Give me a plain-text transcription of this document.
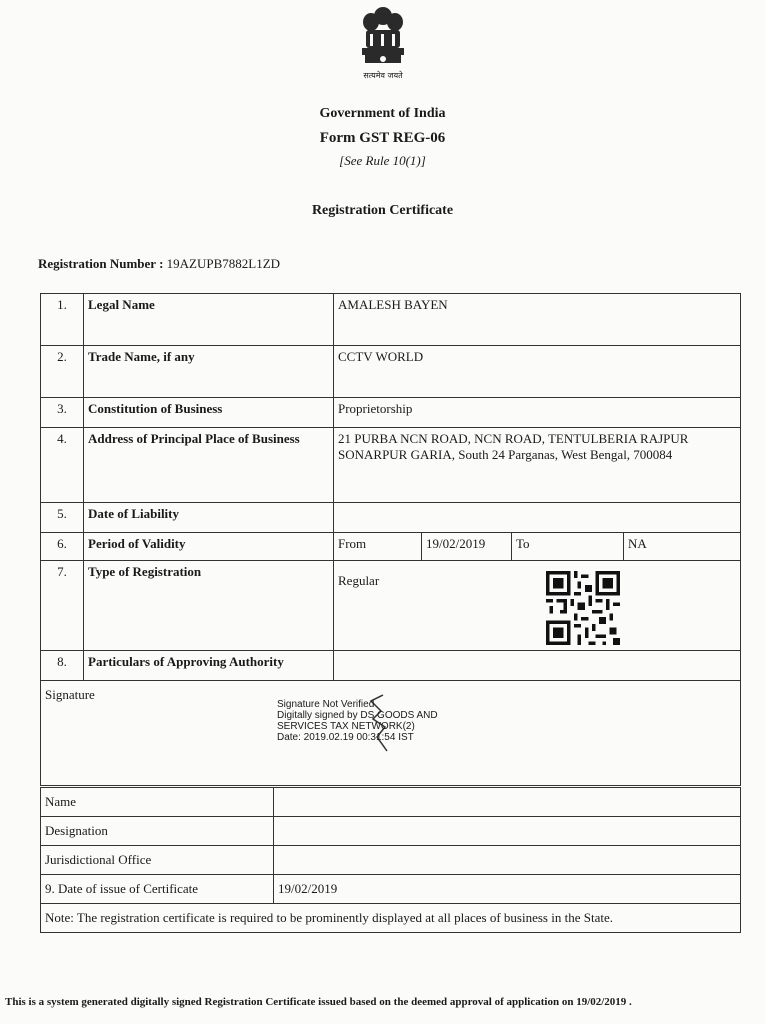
सत्यमेव जयते
Government of India
Form GST REG-06
[See Rule 10(1)]
Registration Certificate
Registration Number : 19AZUPB7882L1ZD
1.	Legal Name	AMALESH BAYEN			
2.	Trade Name, if any	CCTV WORLD			
3.	Constitution of Business	Proprietorship			
4.	Address of Principal Place of Business	21 PURBA NCN ROAD, NCN ROAD, TENTULBERIA RAJPUR SONARPUR GARIA, South 24 Parganas, West Bengal, 700084			
5.	Date of Liability				
6.	Period of Validity	From	19/02/2019	To	NA
7.	Type of Registration	Regular			

8.	Particulars of Approving Authority				

Signature
Signature Not Verified
Digitally signed by DS GOODS AND
SERVICES TAX NETWORK(2)
Date: 2019.02.19 00:31:54 IST					
Name	
Designation	
Jurisdictional Office	
9. Date of issue of Certificate	19/02/2019
Note: The registration certificate is required to be prominently displayed at all places of business in the State.	
This is a system generated digitally signed Registration Certificate issued based on the deemed approval of application on 19/02/2019 .
